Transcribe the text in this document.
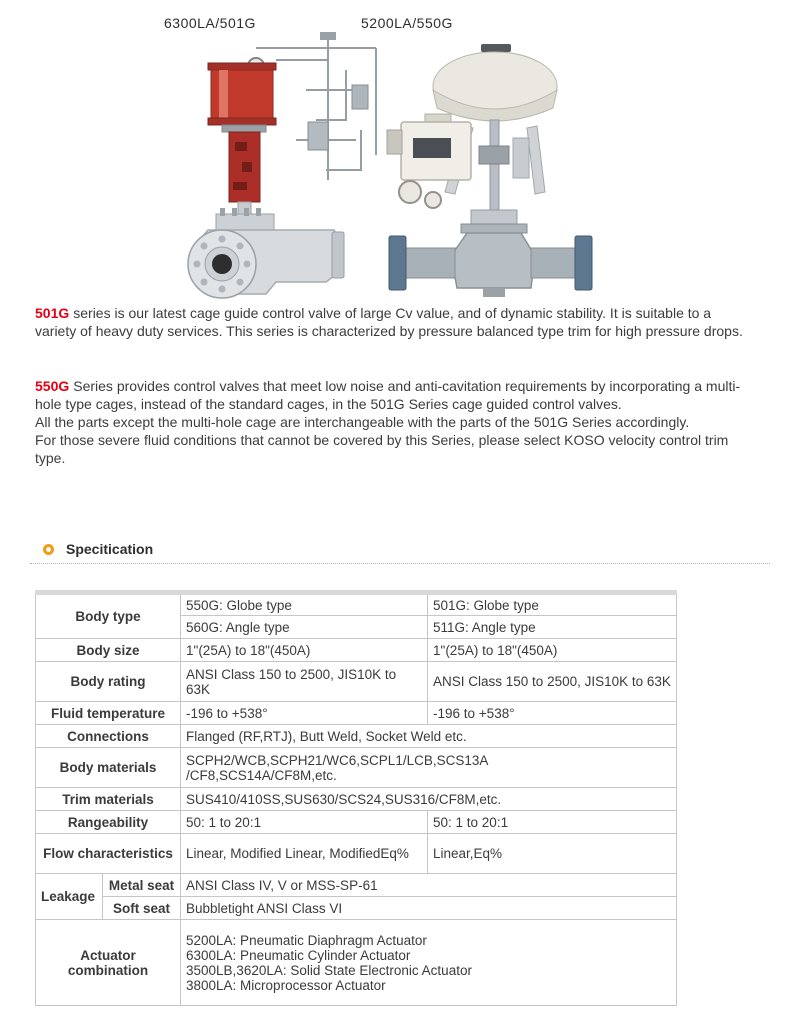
6300LA/501G	5200LA/550G

501G series is our latest cage guide control valve of large Cv value, and of dynamic stability. It is suitable to a variety of heavy duty services. This series is characterized by pressure balanced type trim for high pressure drops.

550G Series provides control valves that meet low noise and anti-cavitation requirements by incorporating a multi-hole type cages, instead of the standard cages, in the 501G Series cage guided control valves.
All the parts except the multi-hole cage are interchangeable with the parts of the 501G Series accordingly.
For those severe fluid conditions that cannot be covered by this Series, please select KOSO velocity control trim type.
Specitication
Body type		550G: Globe type	501G: Globe type
		560G: Angle type	511G: Angle type
Body size		1"(25A) to 18"(450A)	1"(25A) to 18"(450A)
Body rating		ANSI Class 150 to 2500, JIS10K to 63K	ANSI Class 150 to 2500, JIS10K to 63K
Fluid temperature		-196 to +538°	-196 to +538°
Connections		Flanged (RF,RTJ), Butt Weld, Socket Weld etc.	
Body materials		SCPH2/WCB,SCPH21/WC6,SCPL1/LCB,SCS13A
/CF8,SCS14A/CF8M,etc.	

Trim materials		SUS410/410SS,SUS630/SCS24,SUS316/CF8M,etc.	
Rangeability		50: 1 to 20:1	50: 1 to 20:1
Flow characteristics		Linear, Modified Linear, ModifiedEq%	Linear,Eq%
Leakage	Metal seat	ANSI Class IV, V or MSS-SP-61	
	Soft seat	Bubbletight ANSI Class VI	
Actuator combination		5200LA: Pneumatic Diaphragm Actuator
6300LA: Pneumatic Cylinder Actuator
3500LB,3620LA: Solid State Electronic Actuator
3800LA: Microprocessor Actuator	
